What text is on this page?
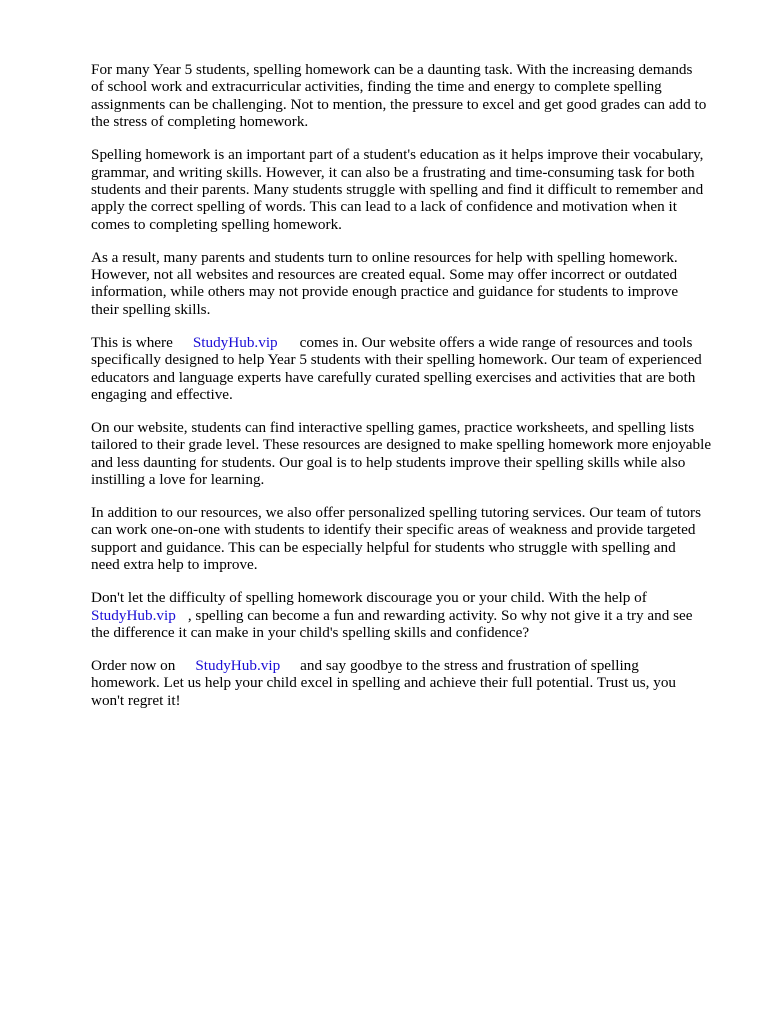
For many Year 5 students, spelling homework can be a daunting task. With the increasing demands
of school work and extracurricular activities, finding the time and energy to complete spelling
assignments can be challenging. Not to mention, the pressure to excel and get good grades can add to
the stress of completing homework.

Spelling homework is an important part of a student's education as it helps improve their vocabulary,
grammar, and writing skills. However, it can also be a frustrating and time-consuming task for both
students and their parents. Many students struggle with spelling and find it difficult to remember and
apply the correct spelling of words. This can lead to a lack of confidence and motivation when it
comes to completing spelling homework.

As a result, many parents and students turn to online resources for help with spelling homework.
However, not all websites and resources are created equal. Some may offer incorrect or outdated
information, while others may not provide enough practice and guidance for students to improve
their spelling skills.

This is where StudyHub.vip comes in. Our website offers a wide range of resources and tools
specifically designed to help Year 5 students with their spelling homework. Our team of experienced
educators and language experts have carefully curated spelling exercises and activities that are both
engaging and effective.

On our website, students can find interactive spelling games, practice worksheets, and spelling lists
tailored to their grade level. These resources are designed to make spelling homework more enjoyable
and less daunting for students. Our goal is to help students improve their spelling skills while also
instilling a love for learning.

In addition to our resources, we also offer personalized spelling tutoring services. Our team of tutors
can work one-on-one with students to identify their specific areas of weakness and provide targeted
support and guidance. This can be especially helpful for students who struggle with spelling and
need extra help to improve.

Don't let the difficulty of spelling homework discourage you or your child. With the help of
StudyHub.vip , spelling can become a fun and rewarding activity. So why not give it a try and see
the difference it can make in your child's spelling skills and confidence?

Order now on StudyHub.vip and say goodbye to the stress and frustration of spelling
homework. Let us help your child excel in spelling and achieve their full potential. Trust us, you
won't regret it!
